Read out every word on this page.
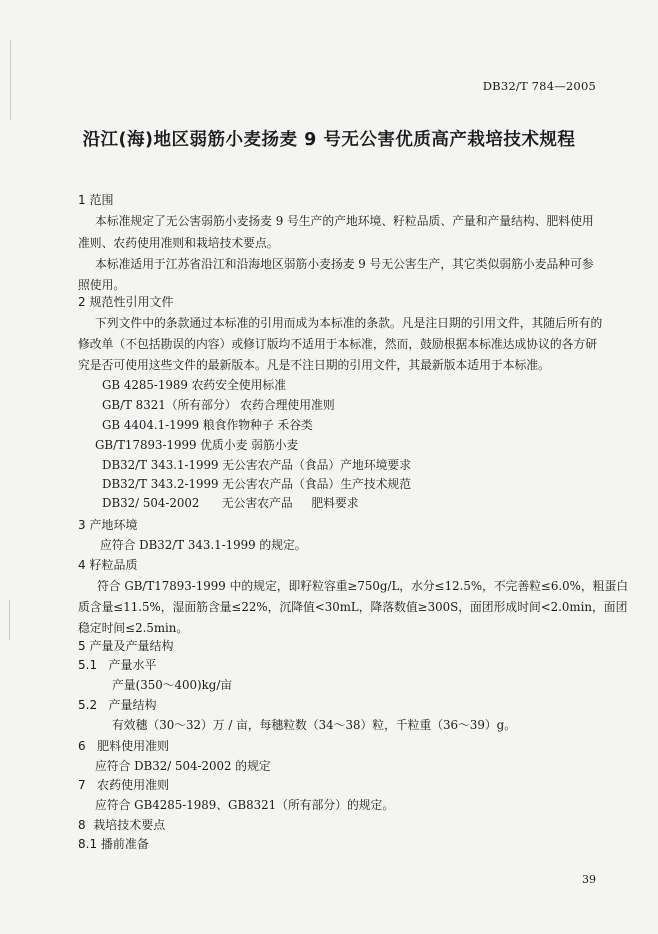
DB32/T 784—2005
沿江(海)地区弱筋小麦扬麦 9 号无公害优质高产栽培技术规程
1 范围
本标准规定了无公害弱筋小麦扬麦 9 号生产的产地环境、籽粒品质、产量和产量结构、肥料使用
准则、农药使用准则和栽培技术要点。
本标准适用于江苏省沿江和沿海地区弱筋小麦扬麦 9 号无公害生产，其它类似弱筋小麦品种可参
照使用。
2 规范性引用文件
下列文件中的条款通过本标准的引用而成为本标准的条款。凡是注日期的引用文件，其随后所有的
修改单（不包括勘误的内容）或修订版均不适用于本标准，然而，鼓励根据本标准达成协议的各方研
究是否可使用这些文件的最新版本。凡是不注日期的引用文件，其最新版本适用于本标准。
GB 4285-1989 农药安全使用标准
GB/T 8321（所有部分） 农药合理使用准则
GB 4404.1-1999 粮食作物种子 禾谷类
GB/T17893-1999 优质小麦 弱筋小麦
DB32/T 343.1-1999 无公害农产品（食品）产地环境要求
DB32/T 343.2-1999 无公害农产品（食品）生产技术规范
DB32/ 504-2002      无公害农产品     肥料要求
3 产地环境
应符合 DB32/T 343.1-1999 的规定。
4 籽粒品质
符合 GB/T17893-1999 中的规定，即籽粒容重≥750g/L，水分≤12.5%，不完善粒≤6.0%，粗蛋白
质含量≤11.5%，湿面筋含量≤22%，沉降值<30mL，降落数值≥300S，面团形成时间<2.0min，面团
稳定时间≤2.5min。
5 产量及产量结构
5.1   产量水平
产量(350～400)kg/亩
5.2   产量结构
有效穗（30～32）万 / 亩，每穗粒数（34～38）粒，千粒重（36～39）g。
6   肥料使用准则
应符合 DB32/ 504-2002 的规定
7   农药使用准则
应符合 GB4285-1989、GB8321（所有部分）的规定。
8  栽培技术要点
8.1 播前准备
39
